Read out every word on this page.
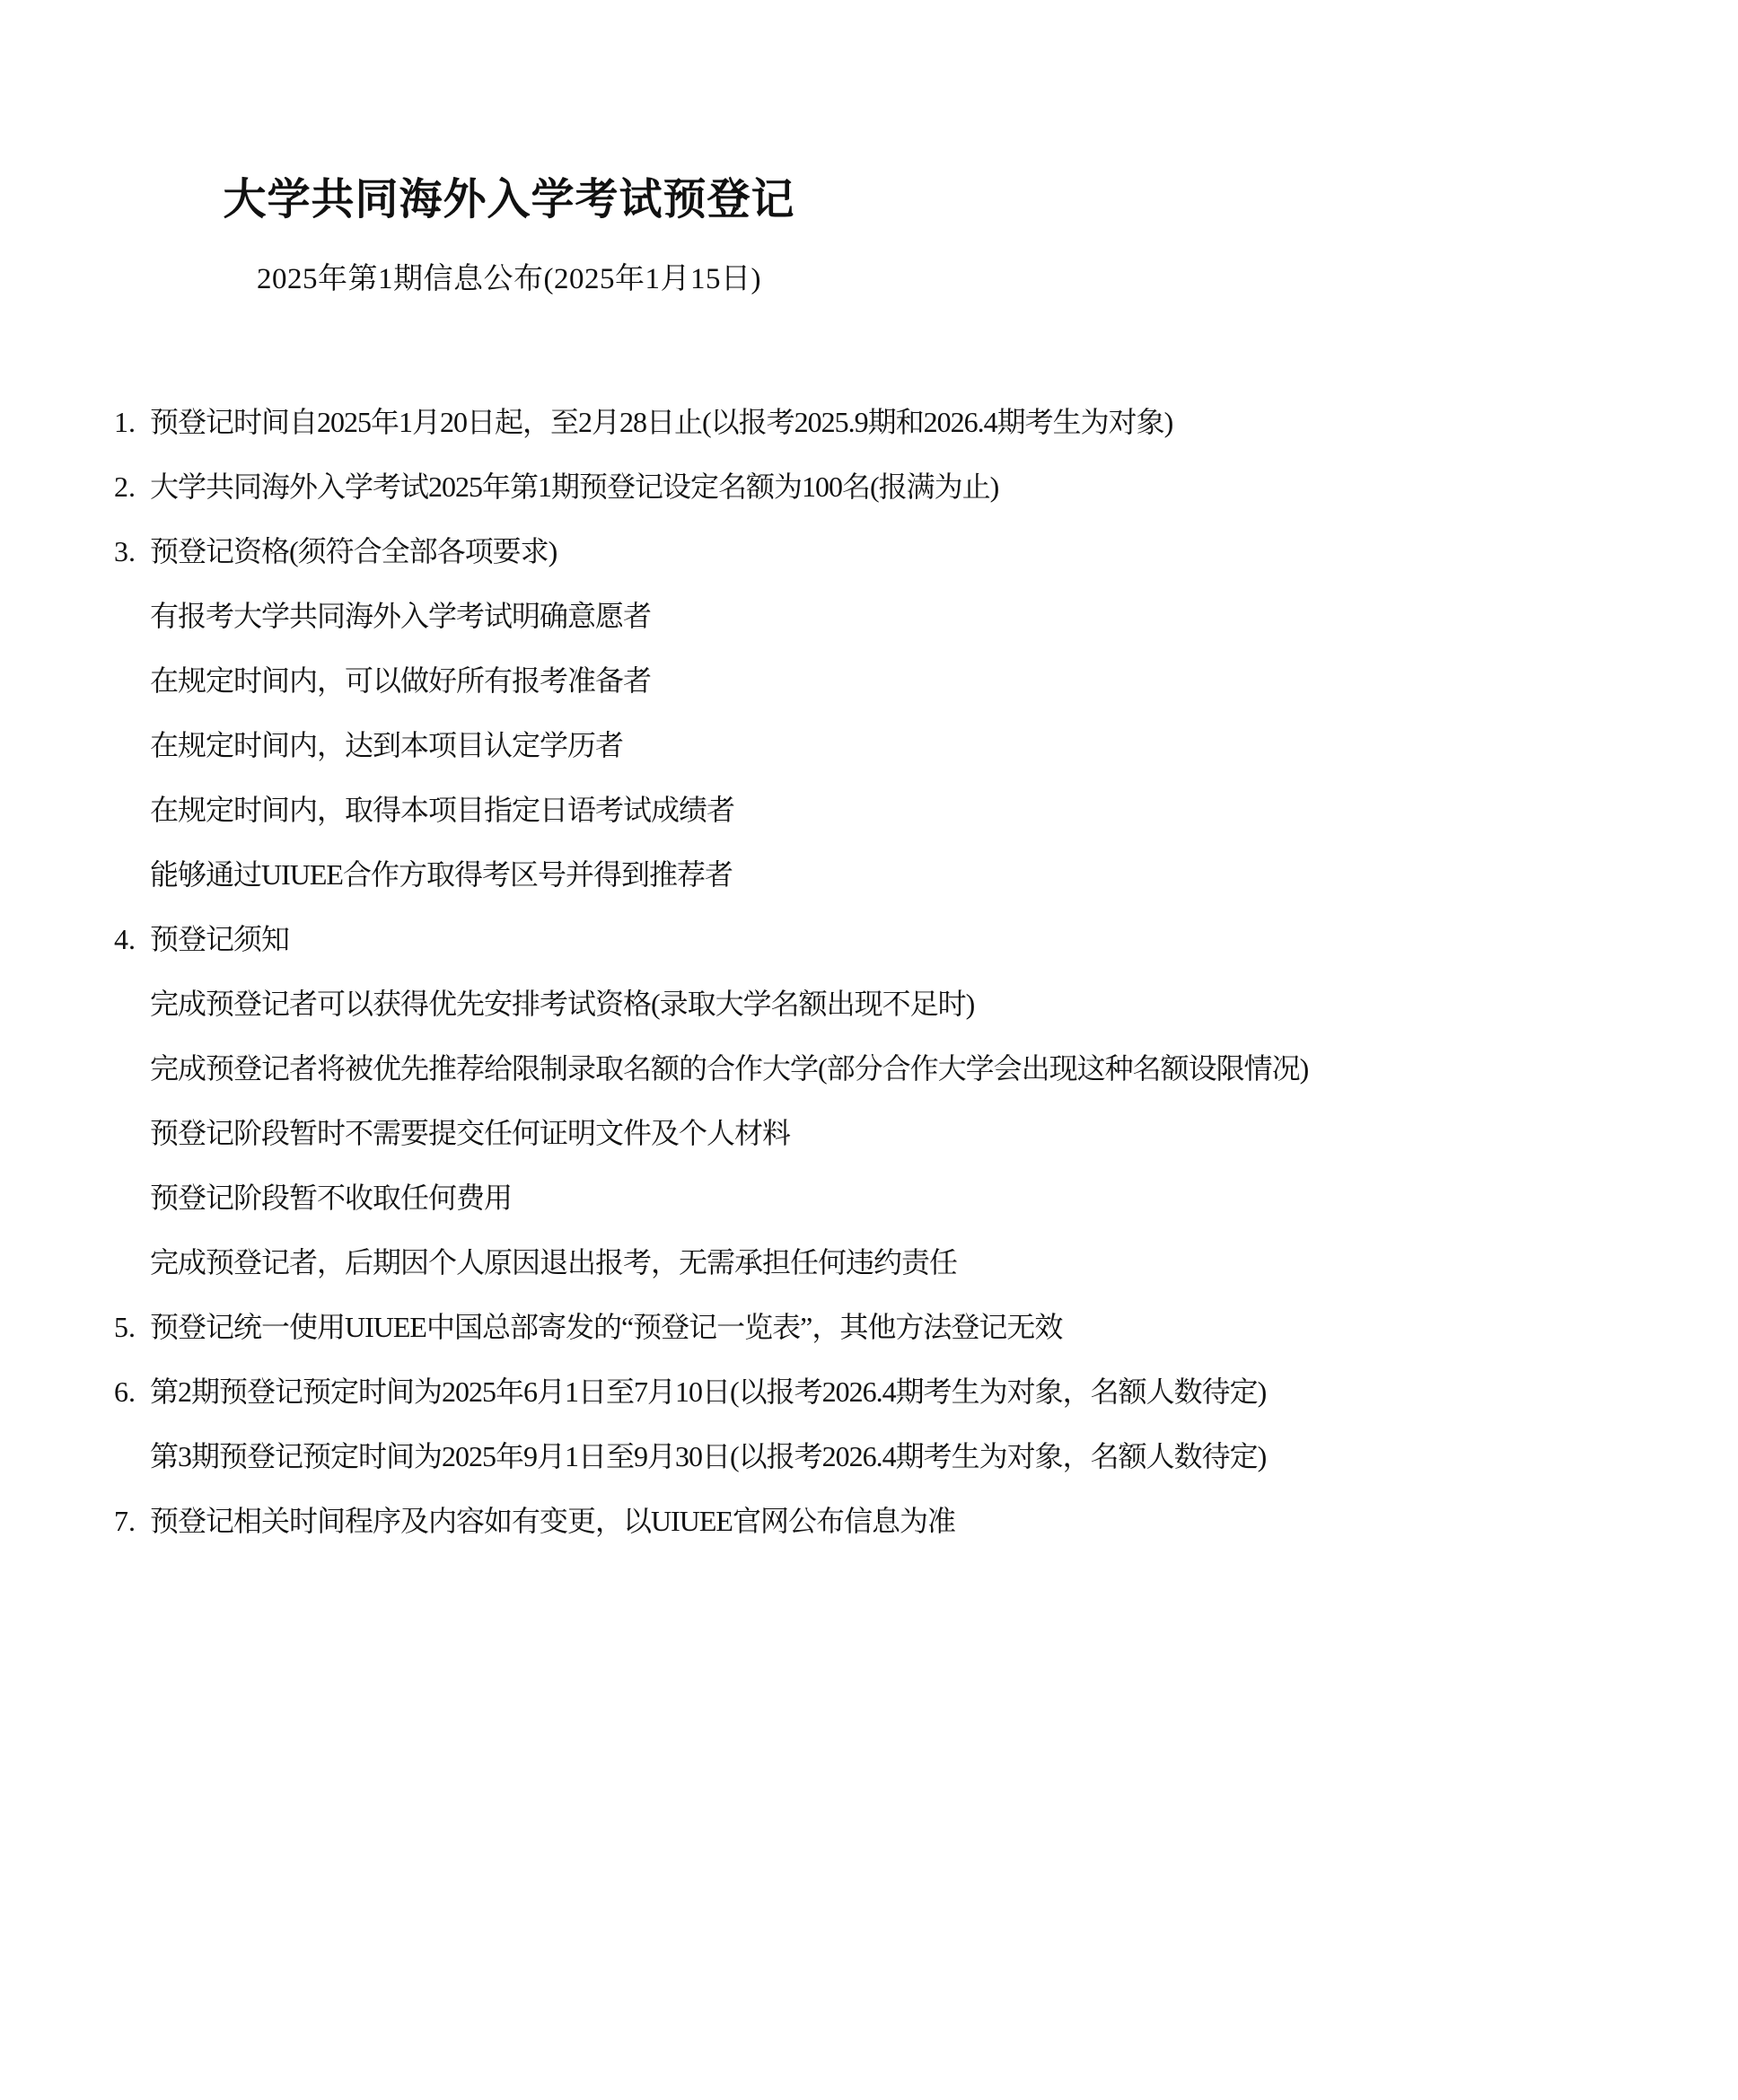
大学共同海外入学考试预登记
2025年第1期信息公布(2025年1月15日)
1. 预登记时间自2025年1月20日起，至2月28日止(以报考2025.9期和2026.4期考生为对象)
2. 大学共同海外入学考试2025年第1期预登记设定名额为100名(报满为止)
3. 预登记资格(须符合全部各项要求)
有报考大学共同海外入学考试明确意愿者
在规定时间内，可以做好所有报考准备者
在规定时间内，达到本项目认定学历者
在规定时间内，取得本项目指定日语考试成绩者
能够通过UIUEE合作方取得考区号并得到推荐者
4. 预登记须知
完成预登记者可以获得优先安排考试资格(录取大学名额出现不足时)
完成预登记者将被优先推荐给限制录取名额的合作大学(部分合作大学会出现这种名额设限情况)
预登记阶段暂时不需要提交任何证明文件及个人材料
预登记阶段暂不收取任何费用
完成预登记者，后期因个人原因退出报考，无需承担任何违约责任
5. 预登记统一使用UIUEE中国总部寄发的“预登记一览表”，其他方法登记无效
6. 第2期预登记预定时间为2025年6月1日至7月10日(以报考2026.4期考生为对象，名额人数待定)
第3期预登记预定时间为2025年9月1日至9月30日(以报考2026.4期考生为对象，名额人数待定)
7. 预登记相关时间程序及内容如有变更，以UIUEE官网公布信息为准
